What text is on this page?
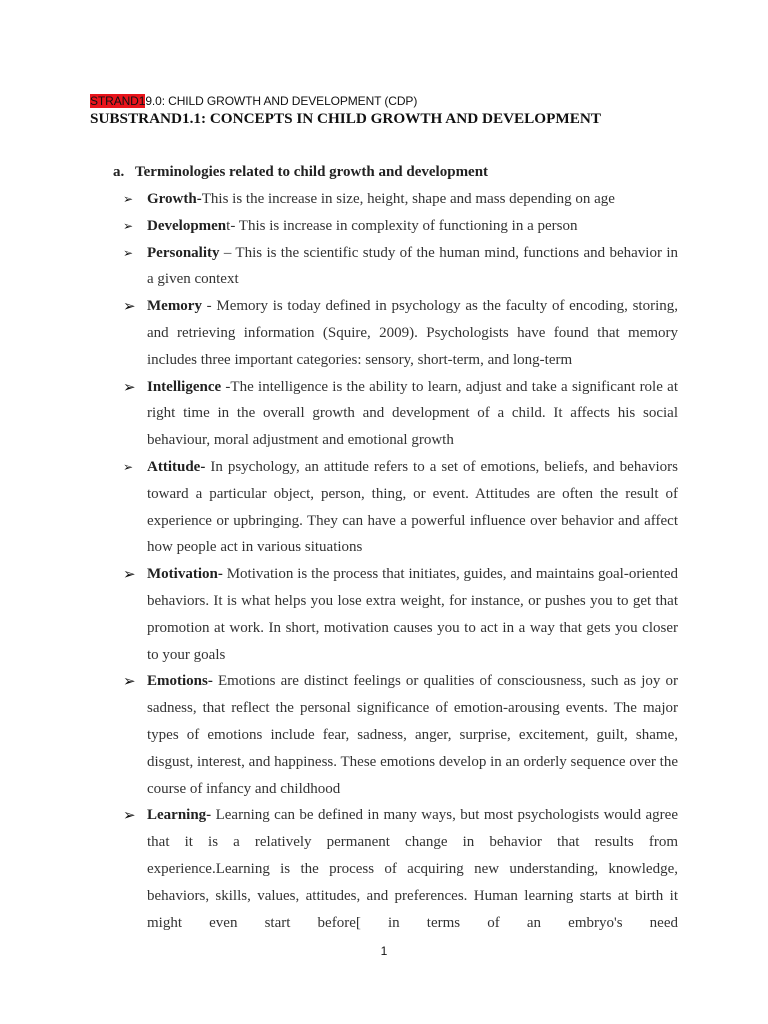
STRAND19.0: CHILD GROWTH AND DEVELOPMENT (CDP)
SUBSTRAND1.1: CONCEPTS IN CHILD GROWTH AND DEVELOPMENT
a. Terminologies related to child growth and development
➢ Growth-This is the increase in size, height, shape and mass depending on age

➢ Development- This is increase in complexity of functioning in a person

➢ Personality – This is the scientific study of the human mind, functions and behavior in a given context

➢ Memory - Memory is today defined in psychology as the faculty of encoding, storing, and retrieving information (Squire, 2009). Psychologists have found that memory includes three important categories: sensory, short-term, and long-term

➢ Intelligence -The intelligence is the ability to learn, adjust and take a significant role at right time in the overall growth and development of a child. It affects his social behaviour, moral adjustment and emotional growth

➢ Attitude- In psychology, an attitude refers to a set of emotions, beliefs, and behaviors toward a particular object, person, thing, or event. Attitudes are often the result of experience or upbringing. They can have a powerful influence over behavior and affect how people act in various situations

➢ Motivation- Motivation is the process that initiates, guides, and maintains goal-oriented behaviors. It is what helps you lose extra weight, for instance, or pushes you to get that promotion at work. In short, motivation causes you to act in a way that gets you closer to your goals

➢ Emotions- Emotions are distinct feelings or qualities of consciousness, such as joy or sadness, that reflect the personal significance of emotion-arousing events. The major types of emotions include fear, sadness, anger, surprise, excitement, guilt, shame, disgust, interest, and happiness. These emotions develop in an orderly sequence over the course of infancy and childhood

➢ Learning- Learning can be defined in many ways, but most psychologists would agree that it is a relatively permanent change in behavior that results from experience.Learning is the process of acquiring new understanding, knowledge, behaviors, skills, values, attitudes, and preferences. Human learning starts at birth it might even start before[ in terms of an embryo's need

1
